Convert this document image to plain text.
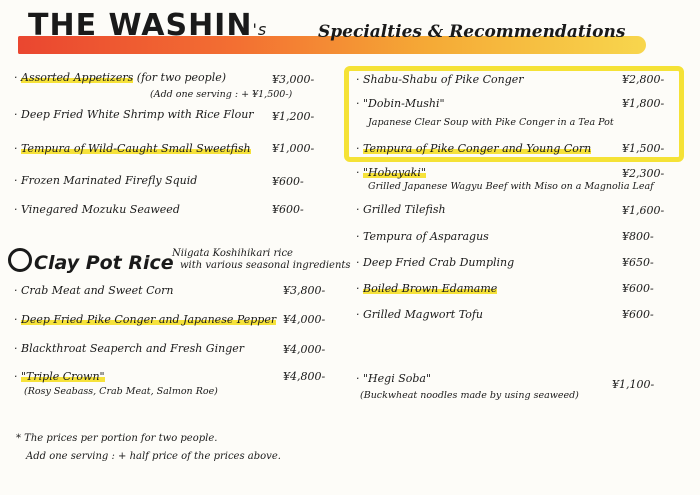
THE WASHIN's	Specialties & Recommendations
· Assorted Appetizers (for two people)	¥3,000-
(Add one serving : + ¥1,500-)
· Deep Fried White Shrimp with Rice Flour ¥1,200-
· Tempura of Wild-Caught Small Sweetfish ¥1,000-
· Frozen Marinated Firefly Squid	¥600-
· Vinegared Mozuku Seaweed	¥600-
Clay Pot Rice
Niigata Koshihikari rice
with various seasonal ingredients
· Crab Meat and Sweet Corn	¥3,800-
· Deep Fried Pike Conger and Japanese Pepper ¥4,000-
· Blackthroat Seaperch and Fresh Ginger	¥4,000-
· "Triple Crown"	¥4,800-
(Rosy Seabass, Crab Meat, Salmon Roe)
* The prices per portion for two people.
Add one serving : + half price of the prices above.
· Shabu-Shabu of Pike Conger	¥2,800-
· "Dobin-Mushi"	¥1,800-
Japanese Clear Soup with Pike Conger in a Tea Pot
· Tempura of Pike Conger and Young Corn	¥1,500-
· "Hobayaki"	¥2,300-
Grilled Japanese Wagyu Beef with Miso on a Magnolia Leaf
· Grilled Tilefish	¥1,600-
· Tempura of Asparagus	¥800-
· Deep Fried Crab Dumpling	¥650-
· Boiled Brown Edamame	¥600-
· Grilled Magwort Tofu	¥600-
· "Hegi Soba"	¥1,100-
(Buckwheat noodles made by using seaweed)
